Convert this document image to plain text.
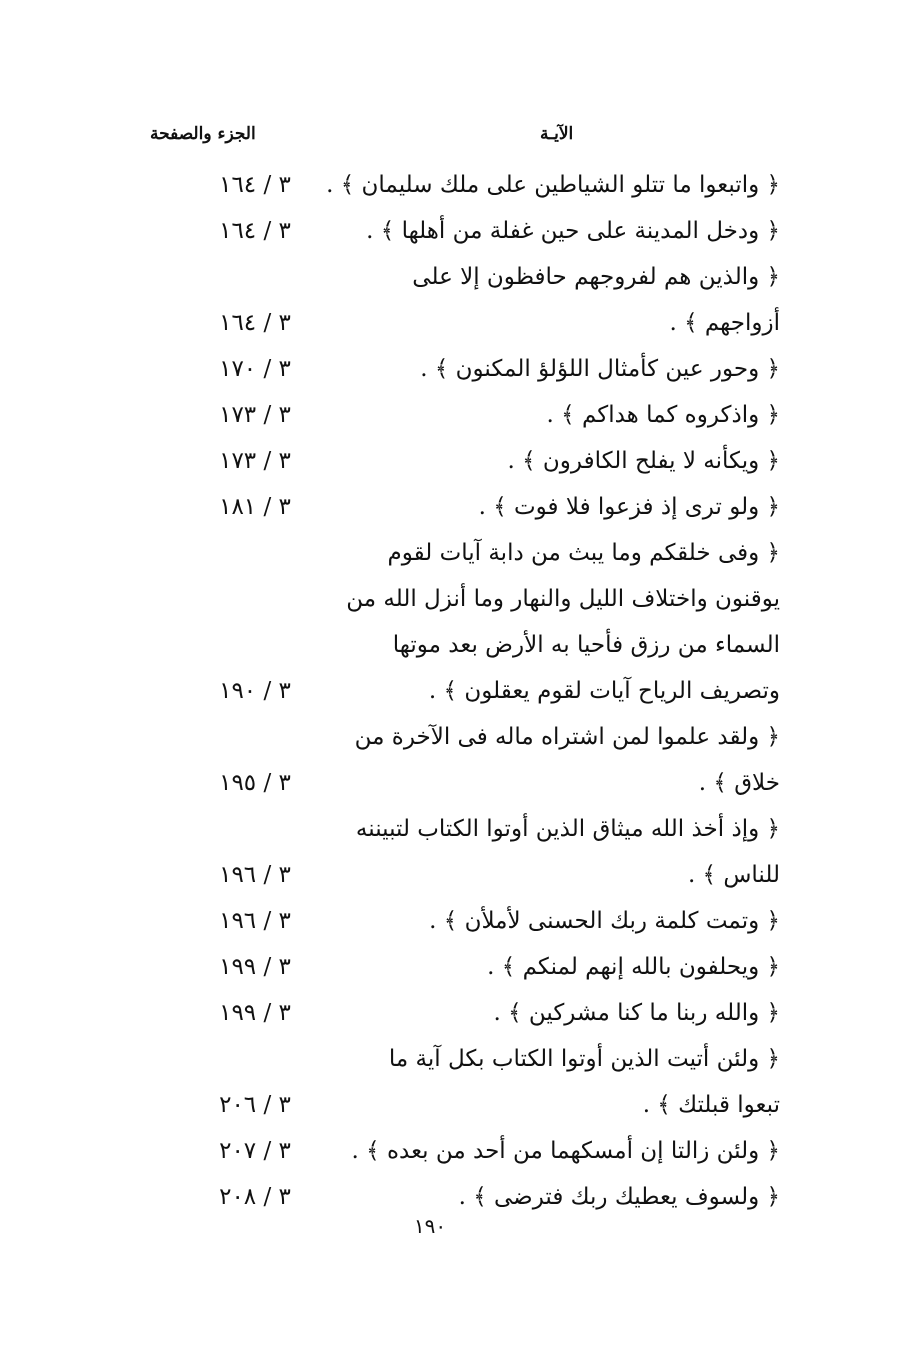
الآيـة
الجزء والصفحة
﴿ واتبعوا ما تتلو الشياطين على ملك سليمان ﴾ .
٣ / ١٦٤
﴿ ودخل المدينة على حين غفلة من أهلها ﴾ .
٣ / ١٦٤
﴿ والذين هم لفروجهم حافظون إلا على
أزواجهم ﴾ .
٣ / ١٦٤
﴿ وحور عين كأمثال اللؤلؤ المكنون ﴾ .
٣ / ١٧٠
﴿ واذكروه كما هداكم ﴾ .
٣ / ١٧٣
﴿ ويكأنه لا يفلح الكافرون ﴾ .
٣ / ١٧٣
﴿ ولو ترى إذ فزعوا فلا فوت ﴾ .
٣ / ١٨١
﴿ وفى خلقكم وما يبث من دابة آيات لقوم
يوقنون واختلاف الليل والنهار وما أنزل الله من
السماء من رزق فأحيا به الأرض بعد موتها
وتصريف الرياح آيات لقوم يعقلون ﴾ .
٣ / ١٩٠
﴿ ولقد علموا لمن اشتراه ماله فى الآخرة من
خلاق ﴾ .
٣ / ١٩٥
﴿ وإذ أخذ الله ميثاق الذين أوتوا الكتاب لتبيننه
للناس ﴾ .
٣ / ١٩٦
﴿ وتمت كلمة ربك الحسنى لأملأن ﴾ .
٣ / ١٩٦
﴿ ويحلفون بالله إنهم لمنكم ﴾ .
٣ / ١٩٩
﴿ والله ربنا ما كنا مشركين ﴾ .
٣ / ١٩٩
﴿ ولئن أتيت الذين أوتوا الكتاب بكل آية ما
تبعوا قبلتك ﴾ .
٣ / ٢٠٦
﴿ ولئن زالتا إن أمسكهما من أحد من بعده ﴾ .
٣ / ٢٠٧
﴿ ولسوف يعطيك ربك فترضى ﴾ .
٣ / ٢٠٨
١٩٠
